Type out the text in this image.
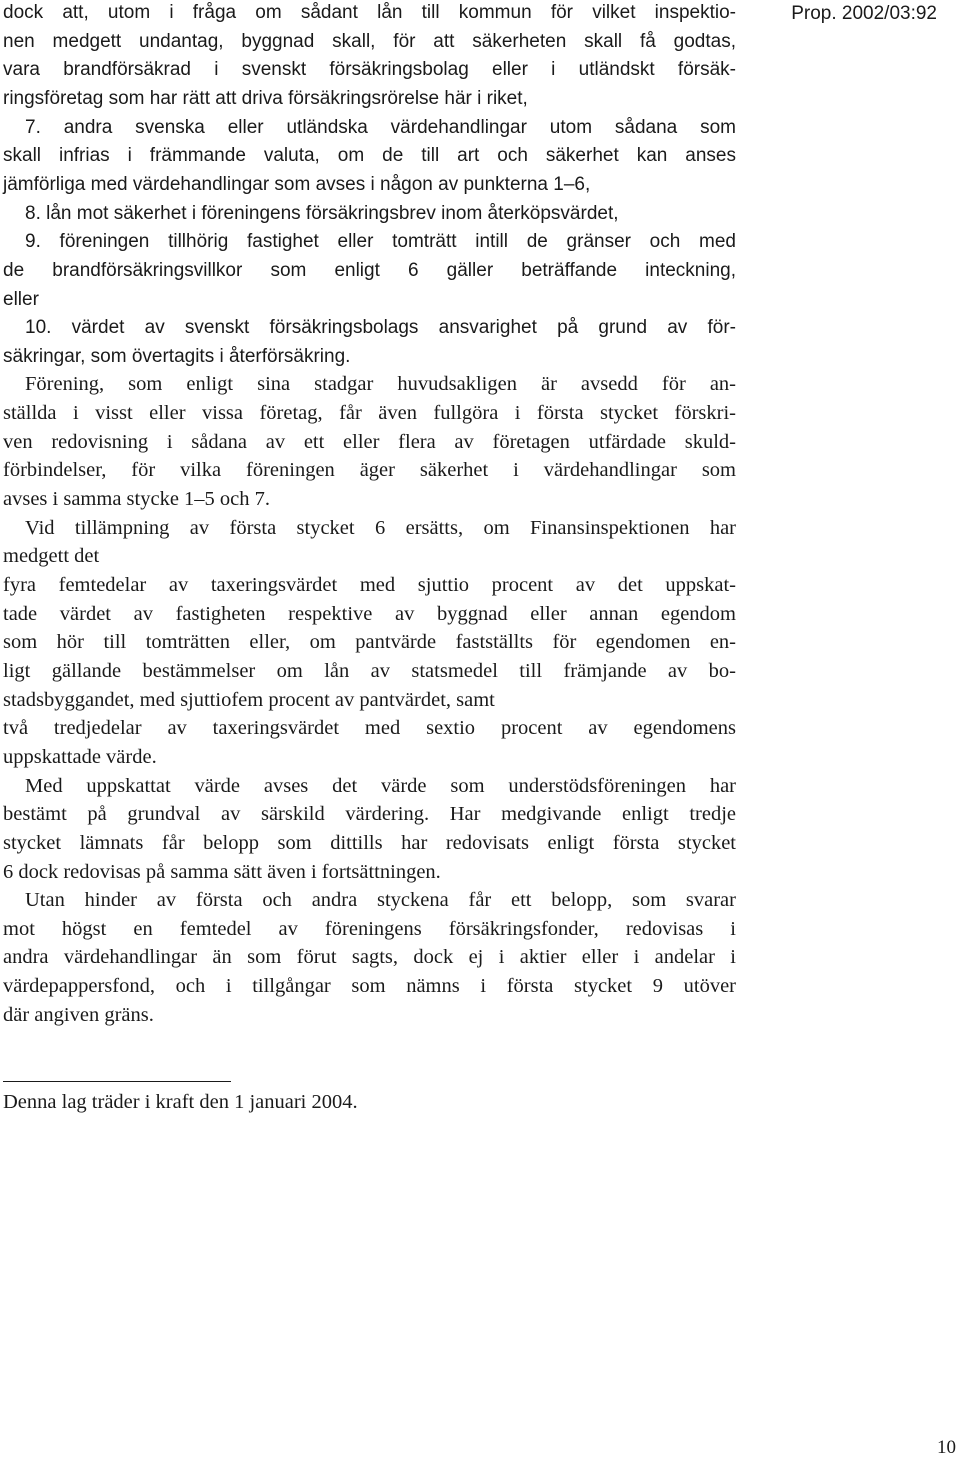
dock att, utom i fråga om sådant lån till kommun för vilket inspektio-
nen medgett undantag, byggnad skall, för att säkerheten skall få godtas,
vara brandförsäkrad i svenskt försäkringsbolag eller i utländskt försäk-
ringsföretag som har rätt att driva försäkringsrörelse här i riket,
7. andra svenska eller utländska värdehandlingar utom sådana som
skall infrias i främmande valuta, om de till art och säkerhet kan anses
jämförliga med värdehandlingar som avses i någon av punkterna 1–6,
8. lån mot säkerhet i föreningens försäkringsbrev inom återköpsvärdet,
9. föreningen tillhörig fastighet eller tomträtt intill de gränser och med
de brandförsäkringsvillkor som enligt 6 gäller beträffande inteckning,
eller
10. värdet av svenskt försäkringsbolags ansvarighet på grund av för-
säkringar, som övertagits i återförsäkring.
Förening, som enligt sina stadgar huvudsakligen är avsedd för an-
ställda i visst eller vissa företag, får även fullgöra i första stycket förskri-
ven redovisning i sådana av ett eller flera av företagen utfärdade skuld-
förbindelser, för vilka föreningen äger säkerhet i värdehandlingar som
avses i samma stycke 1–5 och 7.
Vid tillämpning av första stycket 6 ersätts, om Finansinspektionen har
medgett det
fyra femtedelar av taxeringsvärdet med sjuttio procent av det uppskat-
tade värdet av fastigheten respektive av byggnad eller annan egendom
som hör till tomträtten eller, om pantvärde fastställts för egendomen en-
ligt gällande bestämmelser om lån av statsmedel till främjande av bo-
stadsbyggandet, med sjuttiofem procent av pantvärdet, samt
två tredjedelar av taxeringsvärdet med sextio procent av egendomens
uppskattade värde.
Med uppskattat värde avses det värde som understödsföreningen har
bestämt på grundval av särskild värdering. Har medgivande enligt tredje
stycket lämnats får belopp som dittills har redovisats enligt första stycket
6 dock redovisas på samma sätt även i fortsättningen.
Utan hinder av första och andra styckena får ett belopp, som svarar
mot högst en femtedel av föreningens försäkringsfonder, redovisas i
andra värdehandlingar än som förut sagts, dock ej i aktier eller i andelar i
värdepappersfond, och i tillgångar som nämns i första stycket 9 utöver
där angiven gräns.
Prop. 2002/03:92
Denna lag träder i kraft den 1 januari 2004.
10
